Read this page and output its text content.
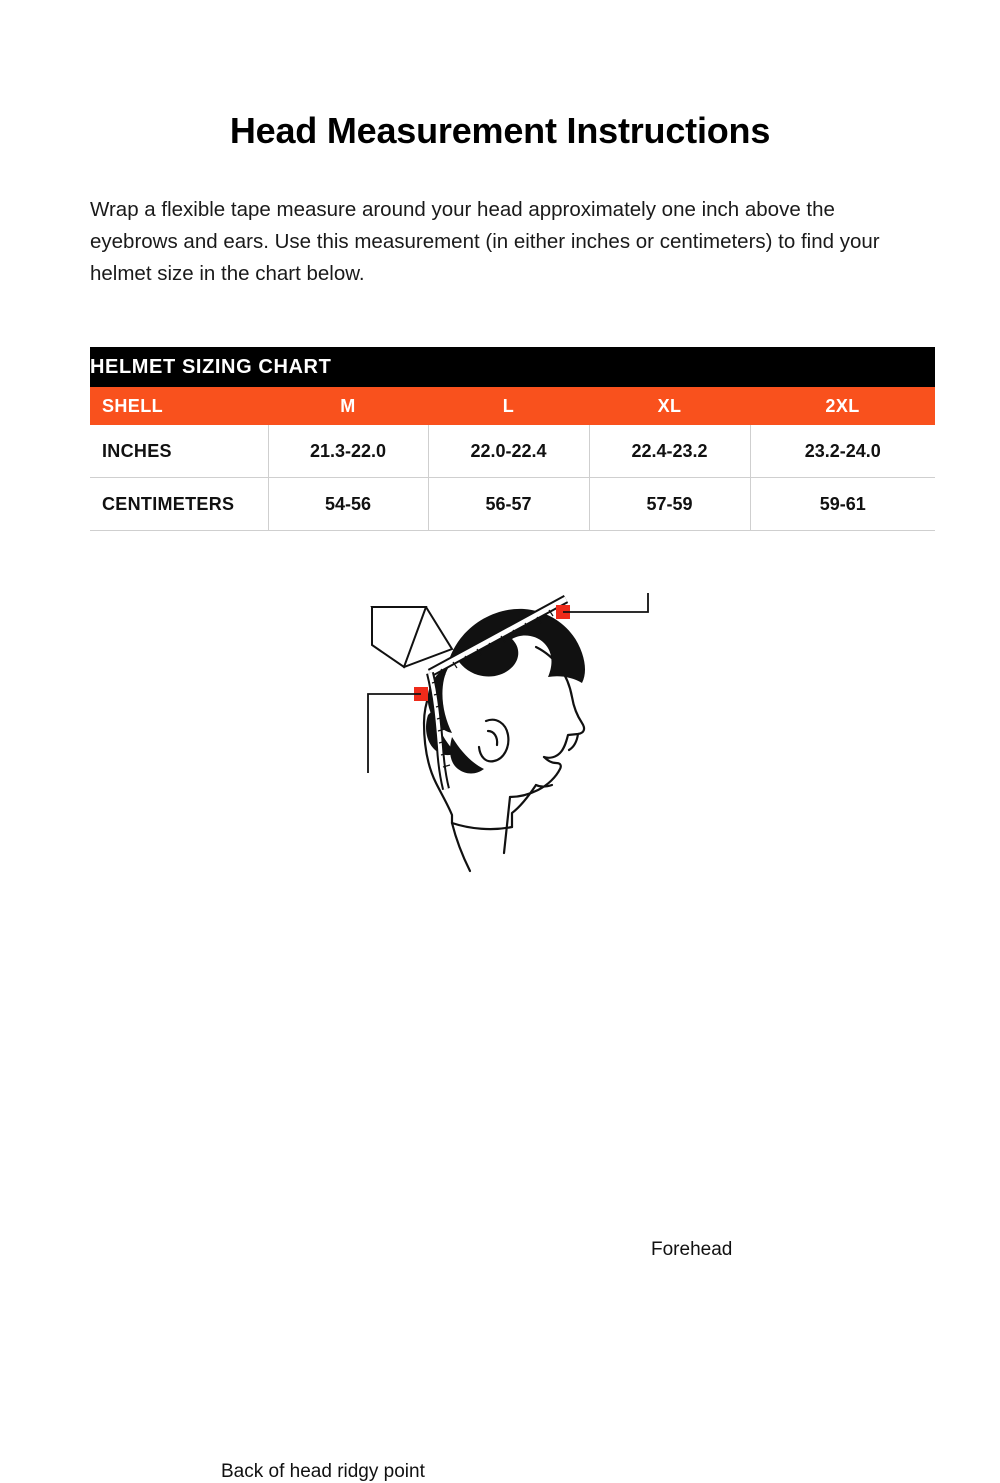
Head Measurement Instructions

Wrap a flexible tape measure around your head approximately one inch above the eyebrows and ears. Use this measurement (in either inches or centimeters) to find your helmet size in the chart below.

HELMET SIZING CHART				
SHELL	M	L	XL	2XL
INCHES	21.3-22.0	22.0-22.4	22.4-23.2	23.2-24.0
CENTIMETERS	54-56	56-57	57-59	59-61
Forehead
Back of head ridgy point
